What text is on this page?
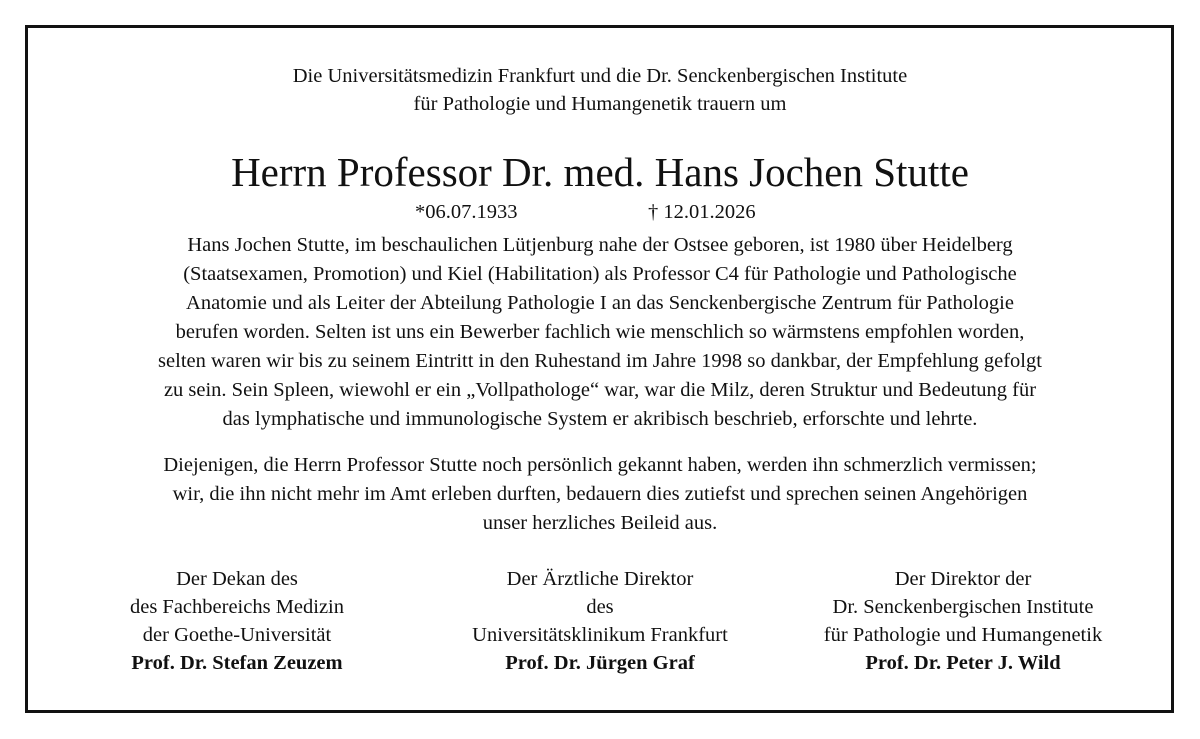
Die Universitätsmedizin Frankfurt und die Dr. Senckenbergischen Institute
für Pathologie und Humangenetik trauern um
Herrn Professor Dr. med. Hans Jochen Stutte
*06.07.1933	† 12.01.2026
Hans Jochen Stutte, im beschaulichen Lütjenburg nahe der Ostsee geboren, ist 1980 über Heidelberg
(Staatsexamen, Promotion) und Kiel (Habilitation) als Professor C4 für Pathologie und Pathologische
Anatomie und als Leiter der Abteilung Pathologie I an das Senckenbergische Zentrum für Pathologie
berufen worden. Selten ist uns ein Bewerber fachlich wie menschlich so wärmstens empfohlen worden,
selten waren wir bis zu seinem Eintritt in den Ruhestand im Jahre 1998 so dankbar, der Empfehlung gefolgt
zu sein. Sein Spleen, wiewohl er ein „Vollpathologe“ war, war die Milz, deren Struktur und Bedeutung für
das lymphatische und immunologische System er akribisch beschrieb, erforschte und lehrte.
Diejenigen, die Herrn Professor Stutte noch persönlich gekannt haben, werden ihn schmerzlich vermissen;
wir, die ihn nicht mehr im Amt erleben durften, bedauern dies zutiefst und sprechen seinen Angehörigen
unser herzliches Beileid aus.
Der Dekan des
des Fachbereichs Medizin
der Goethe-Universität
Prof. Dr. Stefan Zeuzem
Der Ärztliche Direktor
des
Universitätsklinikum Frankfurt
Prof. Dr. Jürgen Graf
Der Direktor der
Dr. Senckenbergischen Institute
für Pathologie und Humangenetik
Prof. Dr. Peter J. Wild
